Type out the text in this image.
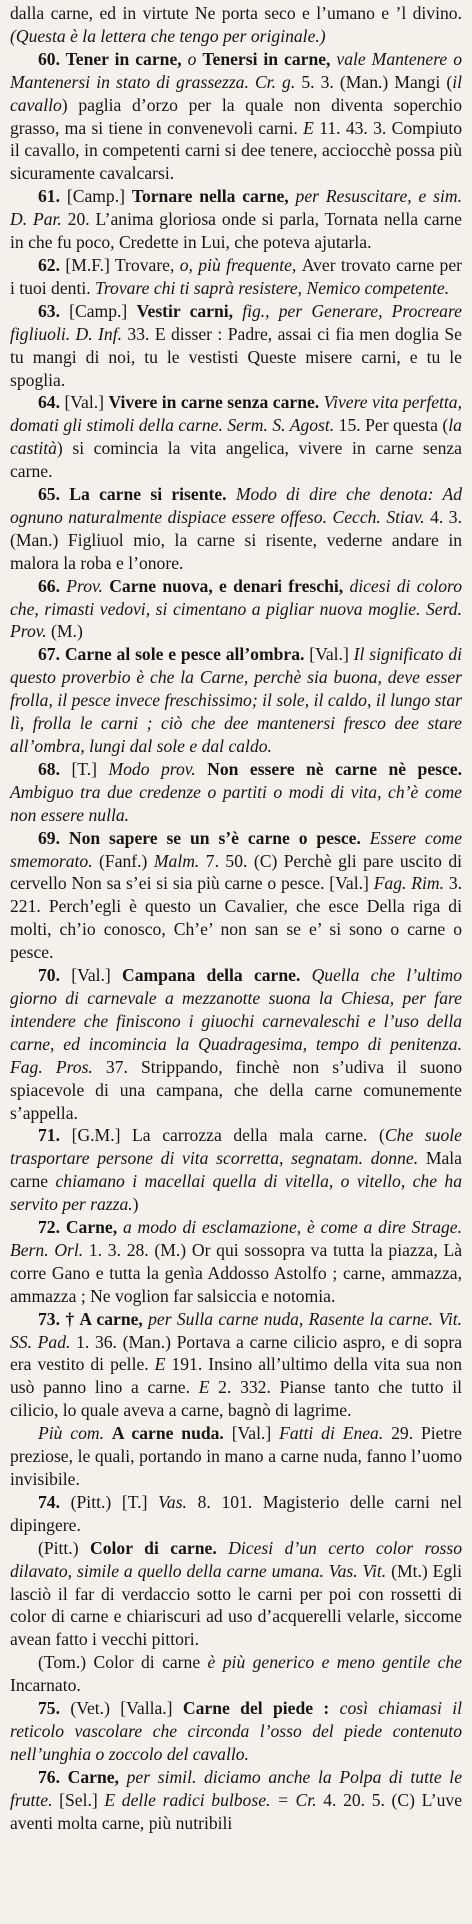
dalla carne, ed in virtute Ne porta seco e l’umano e ’l divino. (Questa è la lettera che tengo per originale.)

60. Tener in carne, o Tenersi in carne, vale Mantenere o Mantenersi in stato di grassezza. Cr. g. 5. 3. (Man.) Mangi (il cavallo) paglia d’orzo per la quale non diventa soperchio grasso, ma si tiene in convenevoli carni. E 11. 43. 3. Compiuto il cavallo, in competenti carni si dee tenere, acciocchè possa più sicuramente cavalcarsi.

61. [Camp.] Tornare nella carne, per Resuscitare, e sim. D. Par. 20. L’anima gloriosa onde si parla, Tornata nella carne in che fu poco, Credette in Lui, che poteva ajutarla.

62. [M.F.] Trovare, o, più frequente, Aver trovato carne per i tuoi denti. Trovare chi ti saprà resistere, Nemico competente.

63. [Camp.] Vestir carni, fig., per Generare, Procreare figliuoli. D. Inf. 33. E disser : Padre, assai ci fia men doglia Se tu mangi di noi, tu le vestisti Queste misere carni, e tu le spoglia.

64. [Val.] Vivere in carne senza carne. Vivere vita perfetta, domati gli stimoli della carne. Serm. S. Agost. 15. Per questa (la castità) si comincia la vita angelica, vivere in carne senza carne.

65. La carne si risente. Modo di dire che denota: Ad ognuno naturalmente dispiace essere offeso. Cecch. Stiav. 4. 3. (Man.) Figliuol mio, la carne si risente, vederne andare in malora la roba e l’onore.

66. Prov. Carne nuova, e denari freschi, dicesi di coloro che, rimasti vedovi, si cimentano a pigliar nuova moglie. Serd. Prov. (M.)

67. Carne al sole e pesce all’ombra. [Val.] Il significato di questo proverbio è che la Carne, perchè sia buona, deve esser frolla, il pesce invece freschissimo; il sole, il caldo, il lungo star lì, frolla le carni ; ciò che dee mantenersi fresco dee stare all’ombra, lungi dal sole e dal caldo.

68. [T.] Modo prov. Non essere nè carne nè pesce. Ambiguo tra due credenze o partiti o modi di vita, ch’è come non essere nulla.

69. Non sapere se un s’è carne o pesce. Essere come smemorato. (Fanf.) Malm. 7. 50. (C) Perchè gli pare uscito di cervello Non sa s’ei si sia più carne o pesce. [Val.] Fag. Rim. 3. 221. Perch’egli è questo un Cavalier, che esce Della riga di molti, ch’io conosco, Ch’e’ non san se e’ si sono o carne o pesce.

70. [Val.] Campana della carne. Quella che l’ultimo giorno di carnevale a mezzanotte suona la Chiesa, per fare intendere che finiscono i giuochi carnevaleschi e l’uso della carne, ed incomincia la Quadragesima, tempo di penitenza. Fag. Pros. 37. Strippando, finchè non s’udiva il suono spiacevole di una campana, che della carne comunemente s’appella.

71. [G.M.] La carrozza della mala carne. (Che suole trasportare persone di vita scorretta, segnatam. donne. Mala carne chiamano i macellai quella di vitella, o vitello, che ha servito per razza.)

72. Carne, a modo di esclamazione, è come a dire Strage. Bern. Orl. 1. 3. 28. (M.) Or qui sossopra va tutta la piazza, Là corre Gano e tutta la genìa Addosso Astolfo ; carne, ammazza, ammazza ; Ne voglion far salsiccia e notomia.

73. † A carne, per Sulla carne nuda, Rasente la carne. Vit. SS. Pad. 1. 36. (Man.) Portava a carne cilicio aspro, e di sopra era vestito di pelle. E 191. Insino all’ultimo della vita sua non usò panno lino a carne. E 2. 332. Pianse tanto che tutto il cilicio, lo quale aveva a carne, bagnò di lagrime.

Più com. A carne nuda. [Val.] Fatti di Enea. 29. Pietre preziose, le quali, portando in mano a carne nuda, fanno l’uomo invisibile.

74. (Pitt.) [T.] Vas. 8. 101. Magisterio delle carni nel dipingere.

(Pitt.) Color di carne. Dicesi d’un certo color rosso dilavato, simile a quello della carne umana. Vas. Vit. (Mt.) Egli lasciò il far di verdaccio sotto le carni per poi con rossetti di color di carne e chiariscuri ad uso d’acquerelli velarle, siccome avean fatto i vecchi pittori.

(Tom.) Color di carne è più generico e meno gentile che Incarnato.

75. (Vet.) [Valla.] Carne del piede : così chiamasi il reticolo vascolare che circonda l’osso del piede contenuto nell’unghia o zoccolo del cavallo.

76. Carne, per simil. diciamo anche la Polpa di tutte le frutte. [Sel.] E delle radici bulbose. = Cr. 4. 20. 5. (C) L’uve aventi molta carne, più nutribili
